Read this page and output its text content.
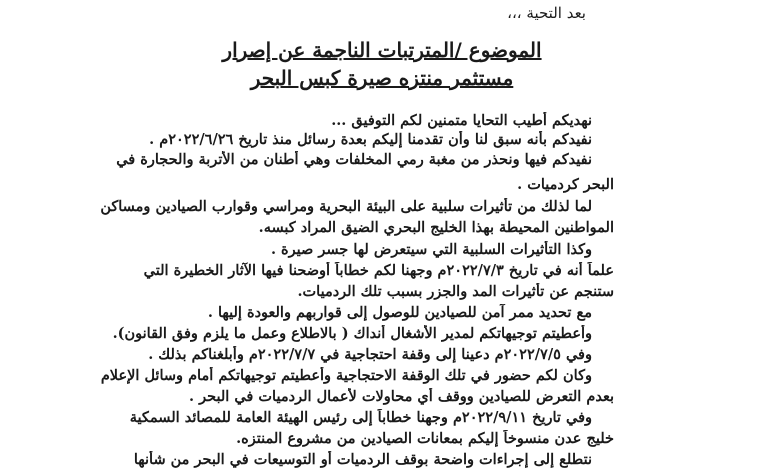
بعد التحية ،،،
الموضوع /المترتبات الناجمة عن إصرار
مستثمر منتزه صيرة كبس البحر
نهديكم أطيب التحايا متمنين لكم التوفيق ...
نفيدكم بأنه سبق لنا وأن تقدمنا إليكم بعدة رسائل منذ تاريخ ٢٠٢٢/٦/٢٦م .
نفيدكم فيها ونحذر من مغبة رمي المخلفات وهي أطنان من الأتربة والحجارة في
البحر كردميات .
لما لذلك من تأثيرات سلبية على البيئة البحرية ومراسي وقوارب الصيادين ومساكن
المواطنين المحيطة بهذا الخليج البحري الضيق المراد كبسه.
وكذا التأثيرات السلبية التي سيتعرض لها جسر صيرة .
علماً أنه في تاريخ ٢٠٢٢/٧/٣م وجهنا لكم خطاباً أوضحنا فيها الآثار الخطيرة التي
ستنجم عن تأثيرات المد والجزر بسبب تلك الردميات.
مع تحديد ممر آمن للصيادين للوصول إلى قواربهم والعودة إليها .
وأعطيتم توجيهاتكم لمدير الأشغال أنداك ( بالاطلاع وعمل ما يلزم وفق القانون).
وفي ٢٠٢٢/٧/٥م دعينا إلى وقفة احتجاجية في ٢٠٢٢/٧/٧م وأبلغناكم بذلك .
وكان لكم حضور في تلك الوقفة الاحتجاجية وأعطيتم توجيهاتكم أمام وسائل الإعلام
بعدم التعرض للصيادين ووقف أي محاولات لأعمال الردميات في البحر .
وفي تاريخ ٢٠٢٢/٩/١١م وجهنا خطاباً إلى رئيس الهيئة العامة للمصائد السمكية
خليج عدن منسوخاً إليكم بمعانات الصيادين من مشروع المنتزه.
نتطلع إلى إجراءات واضحة بوقف الردميات أو التوسيعات في البحر من شأنها
